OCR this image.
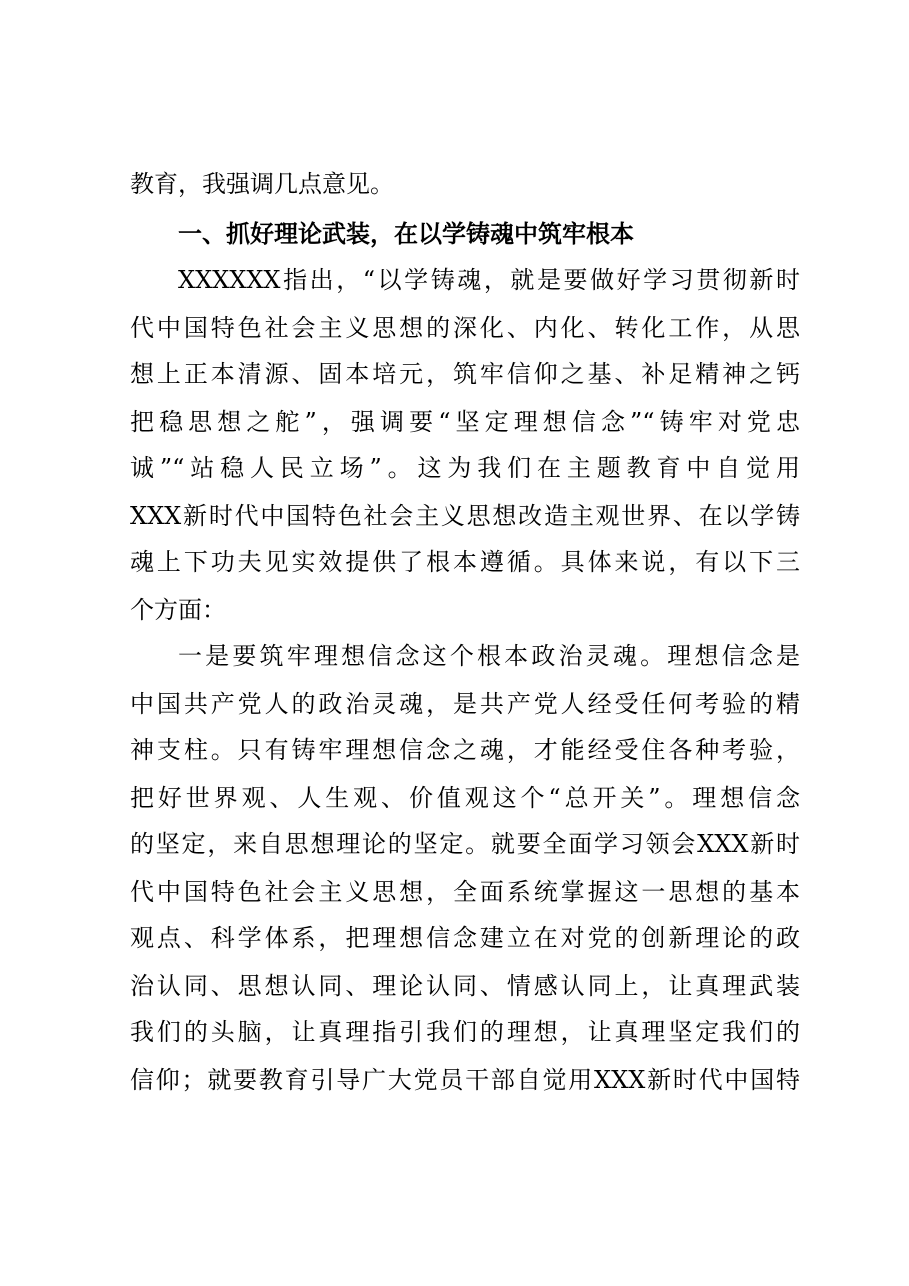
教育，我强调几点意见。
一、抓好理论武装，在以学铸魂中筑牢根本
XXXXXX指出，“以学铸魂，就是要做好学习贯彻新时
代中国特色社会主义思想的深化、内化、转化工作，从思
想上正本清源、固本培元，筑牢信仰之基、补足精神之钙
把稳思想之舵”，强调要“坚定理想信念”“铸牢对党忠
诚”“站稳人民立场”。这为我们在主题教育中自觉用
XXX新时代中国特色社会主义思想改造主观世界、在以学铸
魂上下功夫见实效提供了根本遵循。具体来说，有以下三
个方面：
一是要筑牢理想信念这个根本政治灵魂。理想信念是
中国共产党人的政治灵魂，是共产党人经受任何考验的精
神支柱。只有铸牢理想信念之魂，才能经受住各种考验，
把好世界观、人生观、价值观这个“总开关”。理想信念
的坚定，来自思想理论的坚定。就要全面学习领会XXX新时
代中国特色社会主义思想，全面系统掌握这一思想的基本
观点、科学体系，把理想信念建立在对党的创新理论的政
治认同、思想认同、理论认同、情感认同上，让真理武装
我们的头脑，让真理指引我们的理想，让真理坚定我们的
信仰；就要教育引导广大党员干部自觉用XXX新时代中国特
